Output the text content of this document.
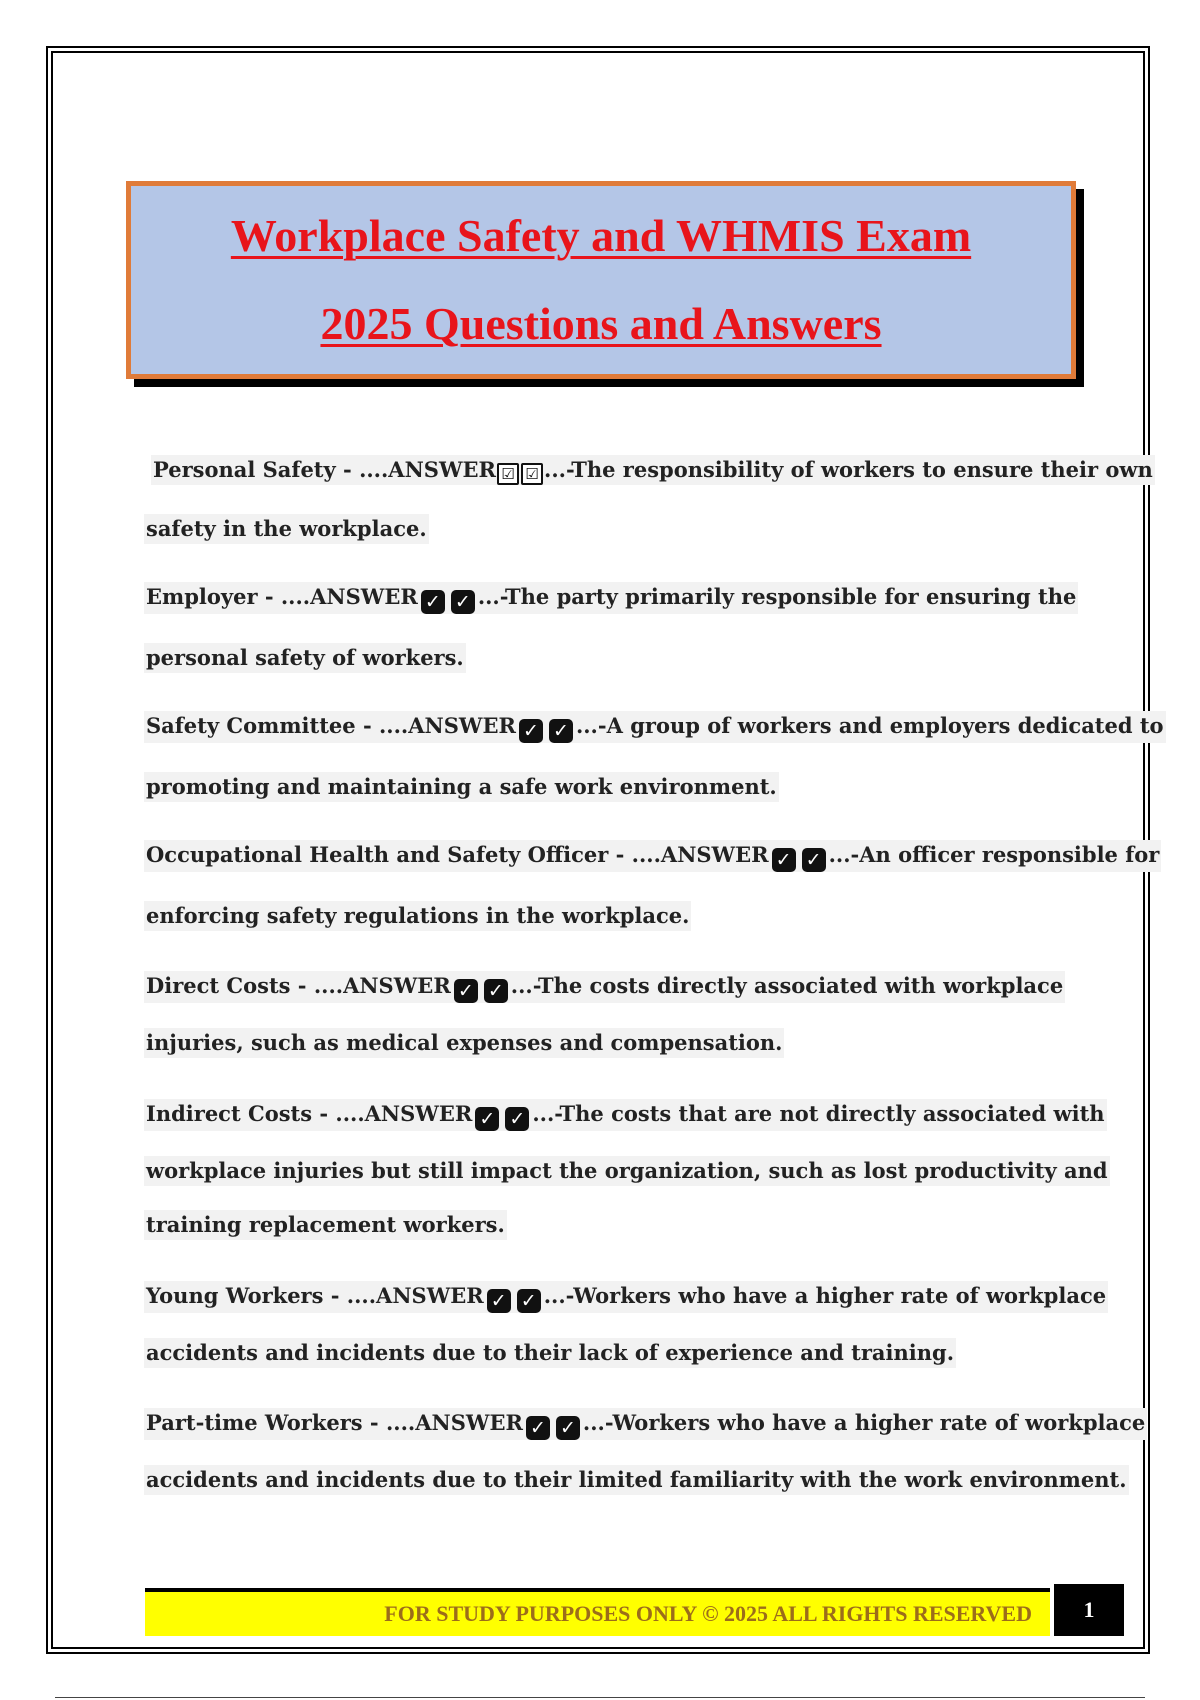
Workplace Safety and WHMIS Exam
2025 Questions and Answers
Personal Safety - ....ANSWER ☑ ☑ ...-The responsibility of workers to ensure their own
safety in the workplace.
Employer - ....ANSWER ✓ ✓ ...-The party primarily responsible for ensuring the
personal safety of workers.
Safety Committee - ....ANSWER ✓ ✓ ...-A group of workers and employers dedicated to
promoting and maintaining a safe work environment.
Occupational Health and Safety Officer - ....ANSWER ✓ ✓ ...-An officer responsible for
enforcing safety regulations in the workplace.
Direct Costs - ....ANSWER ✓ ✓ ...-The costs directly associated with workplace
injuries, such as medical expenses and compensation.
Indirect Costs - ....ANSWER ✓ ✓ ...-The costs that are not directly associated with
workplace injuries but still impact the organization, such as lost productivity and
training replacement workers.
Young Workers - ....ANSWER ✓ ✓ ...-Workers who have a higher rate of workplace
accidents and incidents due to their lack of experience and training.
Part-time Workers - ....ANSWER ✓ ✓ ...-Workers who have a higher rate of workplace
accidents and incidents due to their limited familiarity with the work environment.
FOR STUDY PURPOSES ONLY © 2025 ALL RIGHTS RESERVED	1
